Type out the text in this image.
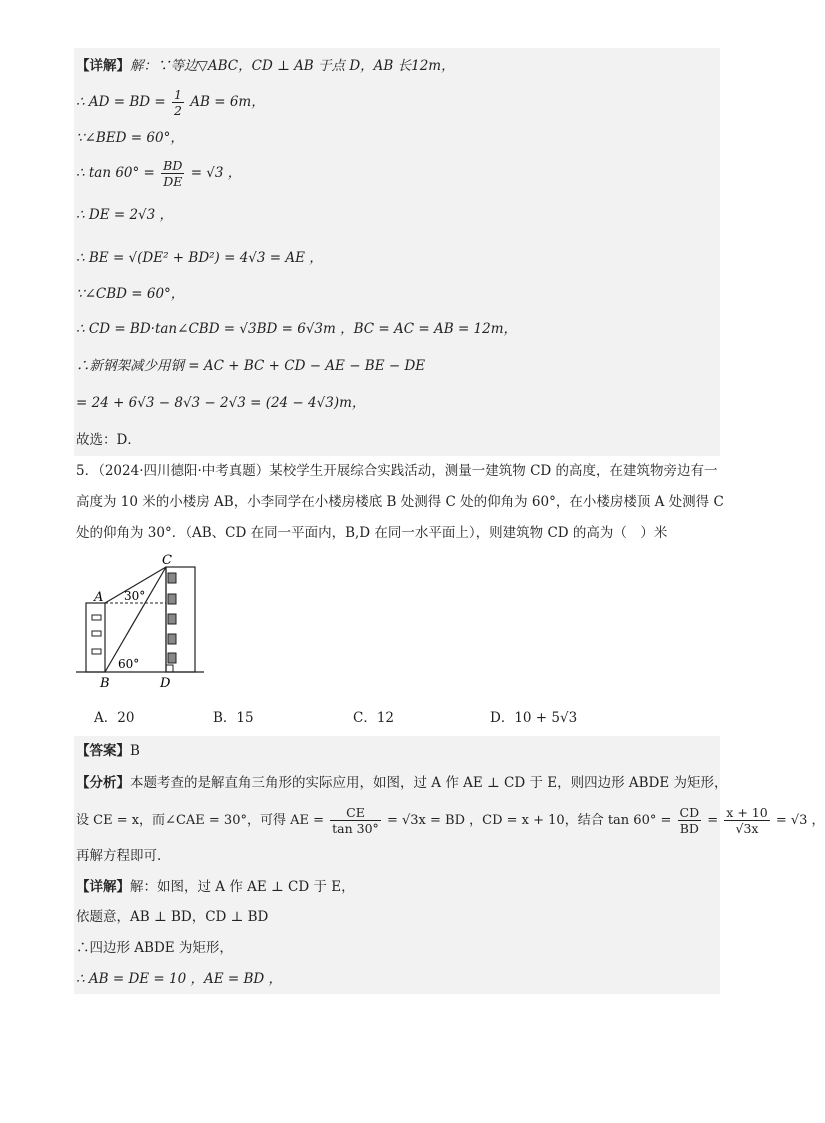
【详解】解：∵等边▽ABC，CD ⊥ AB 于点 D，AB 长12m，
∴ AD = BD = $\frac{1}{2}$ AB = 6m，
∵∠BED = 60°，
∴ $\tan 60^\circ = \frac{BD}{DE} = √3$ ，
∴ DE = 2√3 ，
∴ BE = √(DE² + BD²) = 4√3 = AE ，
∵∠CBD = 60°，
∴ CD = BD·tan∠CBD = √3BD = 6√3m ，BC = AC = AB = 12m，
∴新钢架减少用钢 = AC + BC + CD − AE − BE − DE
= 24 + 6√3 − 8√3 − 2√3 = (24 − 4√3)m，
故选：D．
5．（2024·四川德阳·中考真题）某校学生开展综合实践活动，测量一建筑物 CD 的高度，在建筑物旁边有一
高度为 10 米的小楼房 AB，小李同学在小楼房楼底 B 处测得 C 处的仰角为 60°，在小楼房楼顶 A 处测得 C
处的仰角为 30°．（AB、CD 在同一平面内，B,D 在同一水平面上），则建筑物 CD 的高为（　）米
C
A
B	D
30°
60°
A．20	B．15	C．12	D．10 + 5√3
【答案】B
【分析】本题考查的是解直角三角形的实际应用，如图，过 A 作 AE ⊥ CD 于 E，则四边形 ABDE 为矩形，
设 CE = x，而∠CAE = 30°，可得 AE = $\frac{CE}{\tan 30^\circ} = √3x$ = BD ，CD = x + 10，结合 $\tan 60^\circ = \frac{CD}{BD} = \frac{x + 10}{√3x} = √3$ ，
再解方程即可．
【详解】解：如图，过 A 作 AE ⊥ CD 于 E，
依题意，AB ⊥ BD，CD ⊥ BD
∴四边形 ABDE 为矩形，
∴ AB = DE = 10 ，AE = BD ，
